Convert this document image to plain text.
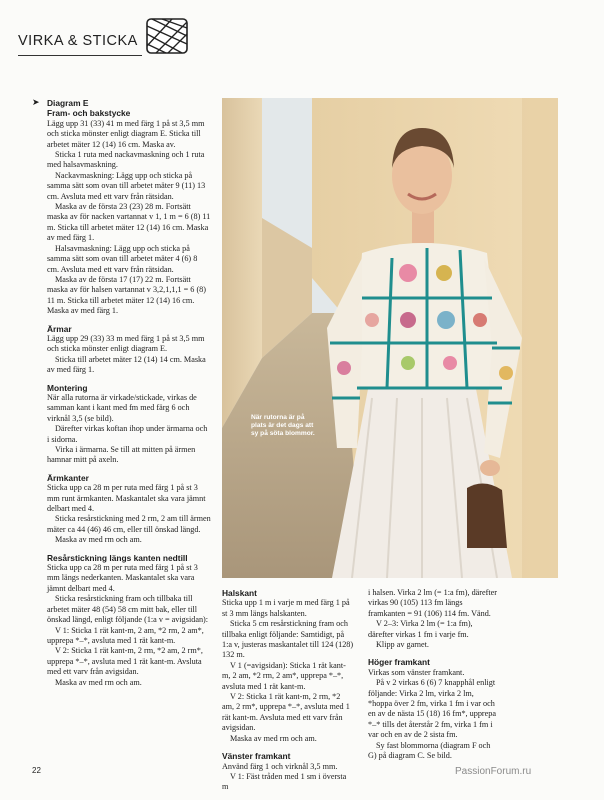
VIRKA & STICKA
➤ Diagram E
Fram- och bakstycke

Lägg upp 31 (33) 41 m med färg 1 på st 3,5 mm och sticka mönster enligt diagram E. Sticka till arbetet mäter 12 (14) 16 cm. Maska av.

Sticka 1 ruta med nackavmaskning och 1 ruta med halsavmaskning.

Nackavmaskning: Lägg upp och sticka på samma sätt som ovan till arbetet mäter 9 (11) 13 cm. Avsluta med ett varv från rätsidan.

Maska av de första 23 (23) 28 m. Fortsätt maska av för nacken vartannat v 1, 1 m = 6 (8) 11 m. Sticka till arbetet mäter 12 (14) 16 cm. Maska av med färg 1.

Halsavmaskning: Lägg upp och sticka på samma sätt som ovan till arbetet mäter 4 (6) 8 cm. Avsluta med ett varv från rätsidan.

Maska av de första 17 (17) 22 m. Fortsätt maska av för halsen vartannat v 3,2,1,1,1 = 6 (8) 11 m. Sticka till arbetet mäter 12 (14) 16 cm. Maska av med färg 1.

Ärmar

Lägg upp 29 (33) 33 m med färg 1 på st 3,5 mm och sticka mönster enligt diagram E.

Sticka till arbetet mäter 12 (14) 14 cm. Maska av med färg 1.

Montering

När alla rutorna är virkade/stickade, virkas de samman kant i kant med fm med färg 6 och virknål 3,5 (se bild).

Därefter virkas koftan ihop under ärmarna och i sidorna.

Virka i ärmarna. Se till att mitten på ärmen hamnar mitt på axeln.

Ärmkanter

Sticka upp ca 28 m per ruta med färg 1 på st 3 mm runt ärmkanten. Maskantalet ska vara jämnt delbart med 4.

Sticka resårstickning med 2 rm, 2 am till ärmen mäter ca 44 (46) 46 cm, eller till önskad längd.

Maska av med rm och am.

Resårstickning längs kanten nedtill

Sticka upp ca 28 m per ruta med färg 1 på st 3 mm längs nederkanten. Maskantalet ska vara jämnt delbart med 4.

Sticka resårstickning fram och tillbaka till arbetet mäter 48 (54) 58 cm mitt bak, eller till önskad längd, enligt följande (1:a v = avigsidan):

V 1: Sticka 1 rät kant-m, 2 am, *2 rm, 2 am*, upprepa *–*, avsluta med 1 rät kant-m.

V 2: Sticka 1 rät kant-m, 2 rm, *2 am, 2 rm*, upprepa *–*, avsluta med 1 rät kant-m. Avsluta med ett varv från avigsidan.

Maska av med rm och am.

När rutorna är på plats är det dags att sy på söta blommor.
Halskant

Sticka upp 1 m i varje m med färg 1 på st 3 mm längs halskanten.

Sticka 5 cm resårstickning fram och tillbaka enligt följande: Samtidigt, på 1:a v, justeras maskantalet till 124 (128) 132 m.

V 1 (=avigsidan): Sticka 1 rät kant-m, 2 am, *2 rm, 2 am*, upprepa *–*, avsluta med 1 rät kant-m.

V 2: Sticka 1 rät kant-m, 2 rm, *2 am, 2 rm*, upprepa *–*, avsluta med 1 rät kant-m. Avsluta med ett varv från avigsidan.

Maska av med rm och am.

Vänster framkant

Använd färg 1 och virknål 3,5 mm.

V 1: Fäst tråden med 1 sm i översta m

i halsen. Virka 2 lm (= 1:a fm), därefter virkas 90 (105) 113 fm längs framkanten = 91 (106) 114 fm. Vänd.

V 2–3: Virka 2 lm (= 1:a fm), därefter virkas 1 fm i varje fm.

Klipp av garnet.

Höger framkant

Virkas som vänster framkant.

På v 2 virkas 6 (6) 7 knapphål enligt följande: Virka 2 lm, virka 2 lm, *hoppa över 2 fm, virka 1 fm i var och en av de nästa 15 (18) 16 fm*, upprepa *–* tills det återstår 2 fm, virka 1 fm i var och en av de 2 sista fm.

Sy fast blommorna (diagram F och G) på diagram C. Se bild.

22	PassionForum.ru
